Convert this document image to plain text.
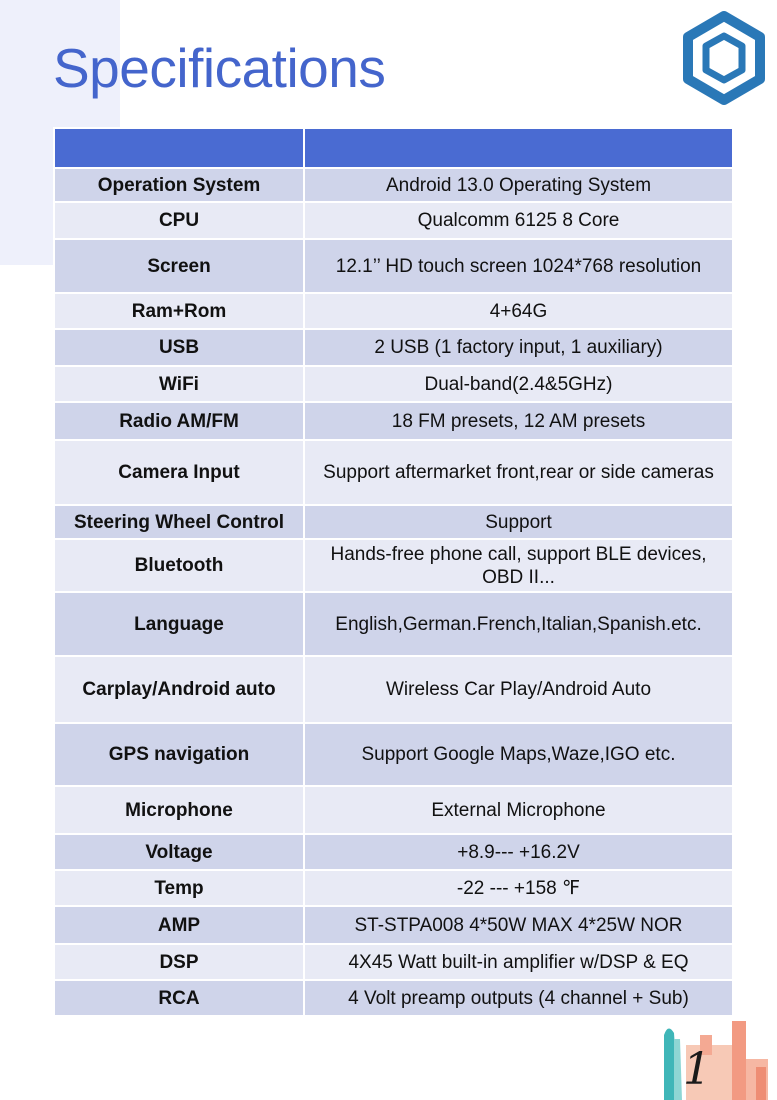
Specifications

Operation System	Android 13.0 Operating System
CPU	Qualcomm 6125 8 Core
Screen	12.1’’ HD touch screen 1024*768 resolution
Ram+Rom	4+64G
USB	2 USB (1 factory input, 1 auxiliary)
WiFi	Dual-band(2.4&5GHz)
Radio AM/FM	18 FM presets, 12 AM presets
Camera Input	Support aftermarket front,rear or side cameras
Steering Wheel Control	Support
Bluetooth	Hands-free phone call, support BLE devices, OBD II...
Language	English,German.French,Italian,Spanish.etc.
Carplay/Android auto	Wireless Car Play/Android Auto
GPS navigation	Support Google Maps,Waze,IGO etc.
Microphone	External Microphone
Voltage	+8.9--- +16.2V
Temp	-22 --- +158 ℉
AMP	ST-STPA008 4*50W MAX 4*25W NOR
DSP	4X45 Watt built-in amplifier w/DSP & EQ
RCA	4 Volt preamp outputs (4 channel + Sub)
1
